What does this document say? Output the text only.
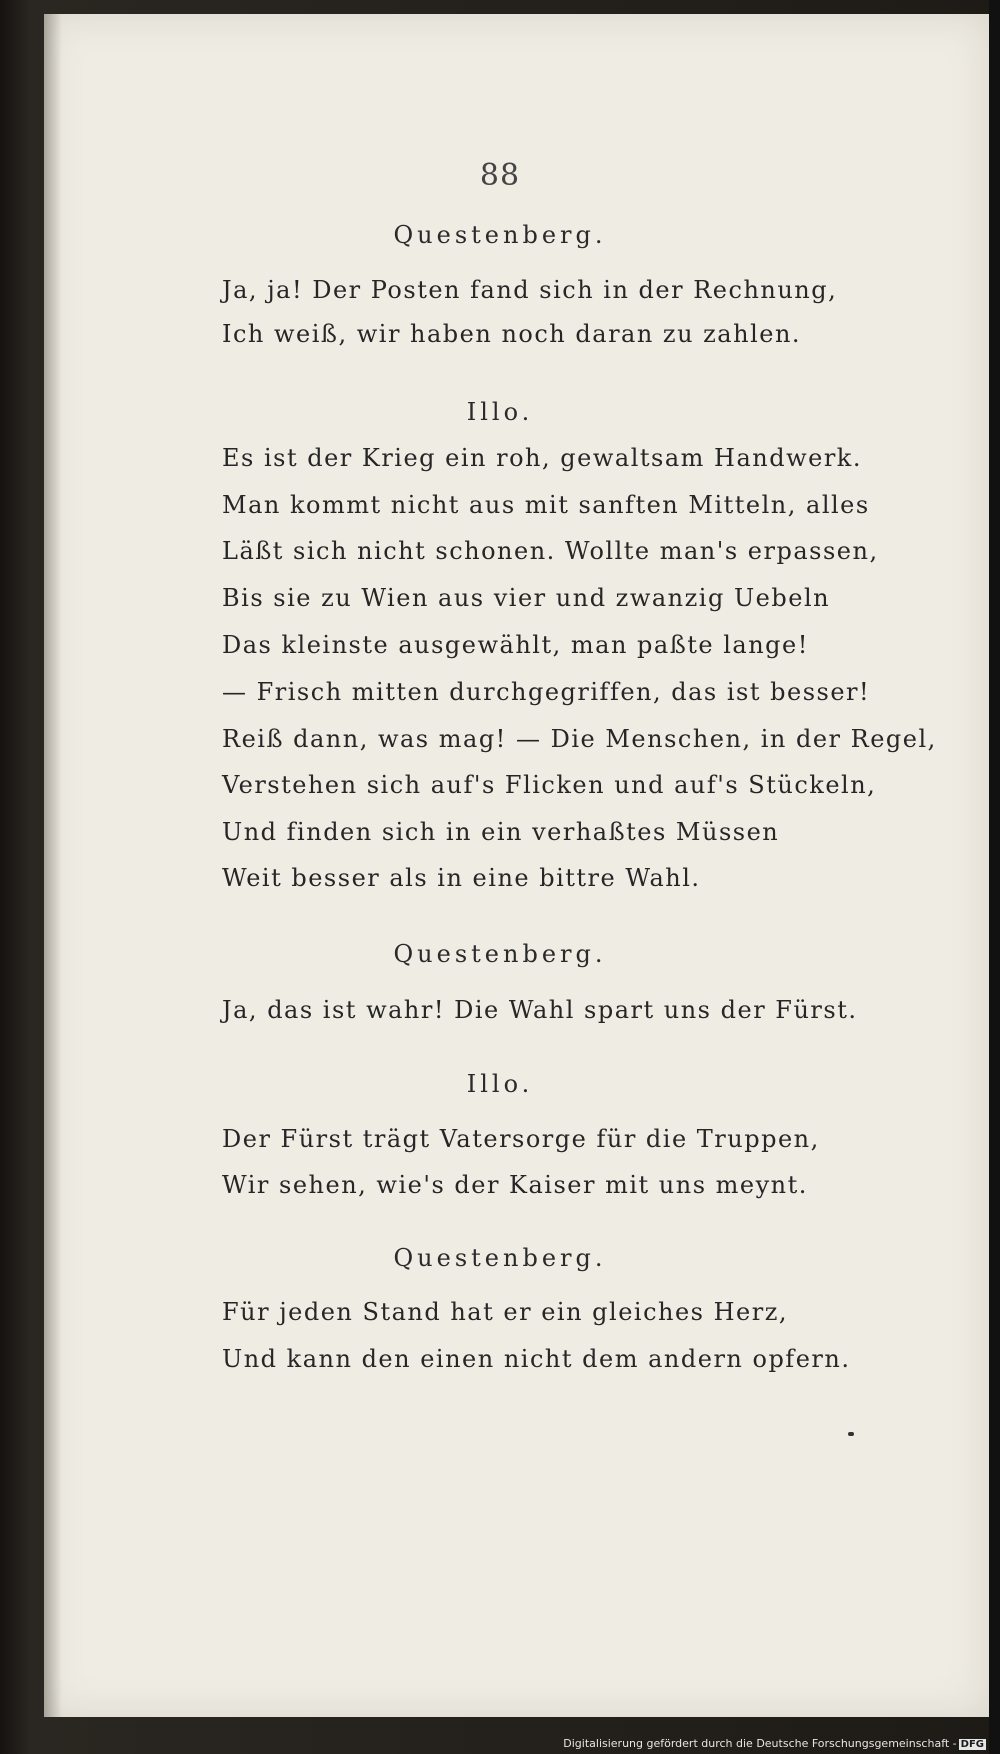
88
Questenberg.
Ja, ja! Der Posten fand sich in der Rechnung,
Ich weiß, wir haben noch daran zu zahlen.
Illo.
Es ist der Krieg ein roh, gewaltsam Handwerk.
Man kommt nicht aus mit sanften Mitteln, alles
Läßt sich nicht schonen. Wollte man's erpassen,
Bis sie zu Wien aus vier und zwanzig Uebeln
Das kleinste ausgewählt, man paßte lange!
— Frisch mitten durchgegriffen, das ist besser!
Reiß dann, was mag! — Die Menschen, in der Regel,
Verstehen sich auf's Flicken und auf's Stückeln,
Und finden sich in ein verhaßtes Müssen
Weit besser als in eine bittre Wahl.
Questenberg.
Ja, das ist wahr! Die Wahl spart uns der Fürst.
Illo.
Der Fürst trägt Vatersorge für die Truppen,
Wir sehen, wie's der Kaiser mit uns meynt.
Questenberg.
Für jeden Stand hat er ein gleiches Herz,
Und kann den einen nicht dem andern opfern.
Digitalisierung gefördert durch die Deutsche Forschungsgemeinschaft - DFG
